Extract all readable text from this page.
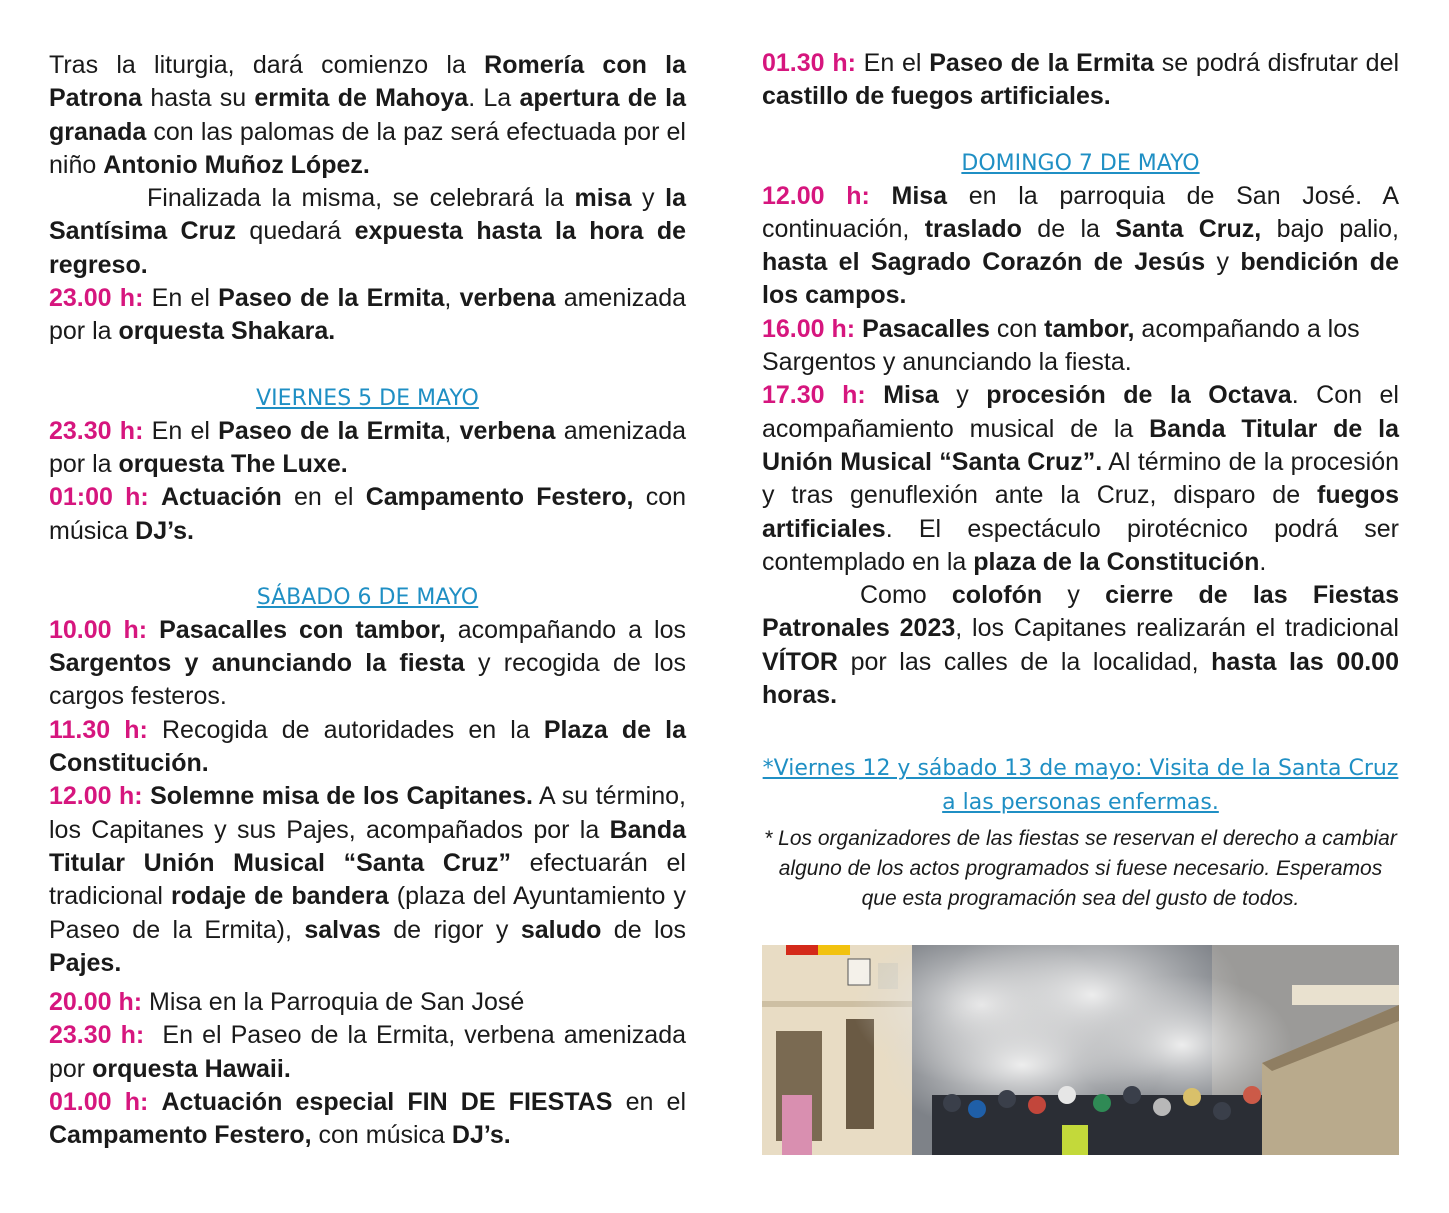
Tras la liturgia, dará comienzo la Romería con la Patrona hasta su ermita de Mahoya. La apertura de la granada con las palomas de la paz será efectuada por el niño Antonio Muñoz López.

Finalizada la misma, se celebrará la misa y la Santísima Cruz quedará expuesta hasta la hora de regreso.

23.00 h: En el Paseo de la Ermita, verbena amenizada por la orquesta Shakara.

VIERNES 5 DE MAYO

23.30 h: En el Paseo de la Ermita, verbena amenizada por la orquesta The Luxe.

01:00 h: Actuación en el Campamento Festero, con música DJ’s.

SÁBADO 6 DE MAYO

10.00 h: Pasacalles con tambor, acompañando a los Sargentos y anunciando la fiesta y recogida de los cargos festeros.

11.30 h: Recogida de autoridades en la Plaza de la Constitución.

12.00 h: Solemne misa de los Capitanes. A su término, los Capitanes y sus Pajes, acompañados por la Banda Titular Unión Musical “Santa Cruz” efectuarán el tradicional rodaje de bandera (plaza del Ayuntamiento y Paseo de la Ermita), salvas de rigor y saludo de los Pajes.

20.00 h: Misa en la Parroquia de San José

23.30 h:  En el Paseo de la Ermita, verbena amenizada por orquesta Hawaii.

01.00 h: Actuación especial FIN DE FIESTAS en el Campamento Festero, con música DJ’s.

01.30 h: En el Paseo de la Ermita se podrá disfrutar del castillo de fuegos artificiales.

DOMINGO 7 DE MAYO

12.00 h: Misa en la parroquia de San José. A continuación, traslado de la Santa Cruz, bajo palio, hasta el Sagrado Corazón de Jesús y bendición de los campos.

16.00 h: Pasacalles con tambor, acompañando a los Sargentos y anunciando la fiesta.

17.30 h: Misa y procesión de la Octava. Con el acompañamiento musical de la Banda Titular de la Unión Musical “Santa Cruz”. Al término de la procesión y tras genuflexión ante la Cruz, disparo de fuegos artificiales. El espectáculo pirotécnico podrá ser contemplado en la plaza de la Constitución.

Como colofón y cierre de las Fiestas Patronales 2023, los Capitanes realizarán el tradicional VÍTOR por las calles de la localidad, hasta las 00.00 horas.

*Viernes 12 y sábado 13 de mayo: Visita de la Santa Cruz a las personas enfermas.

* Los organizadores de las fiestas se reservan el derecho a cambiar alguno de los actos programados si fuese necesario. Esperamos que esta programación sea del gusto de todos.
